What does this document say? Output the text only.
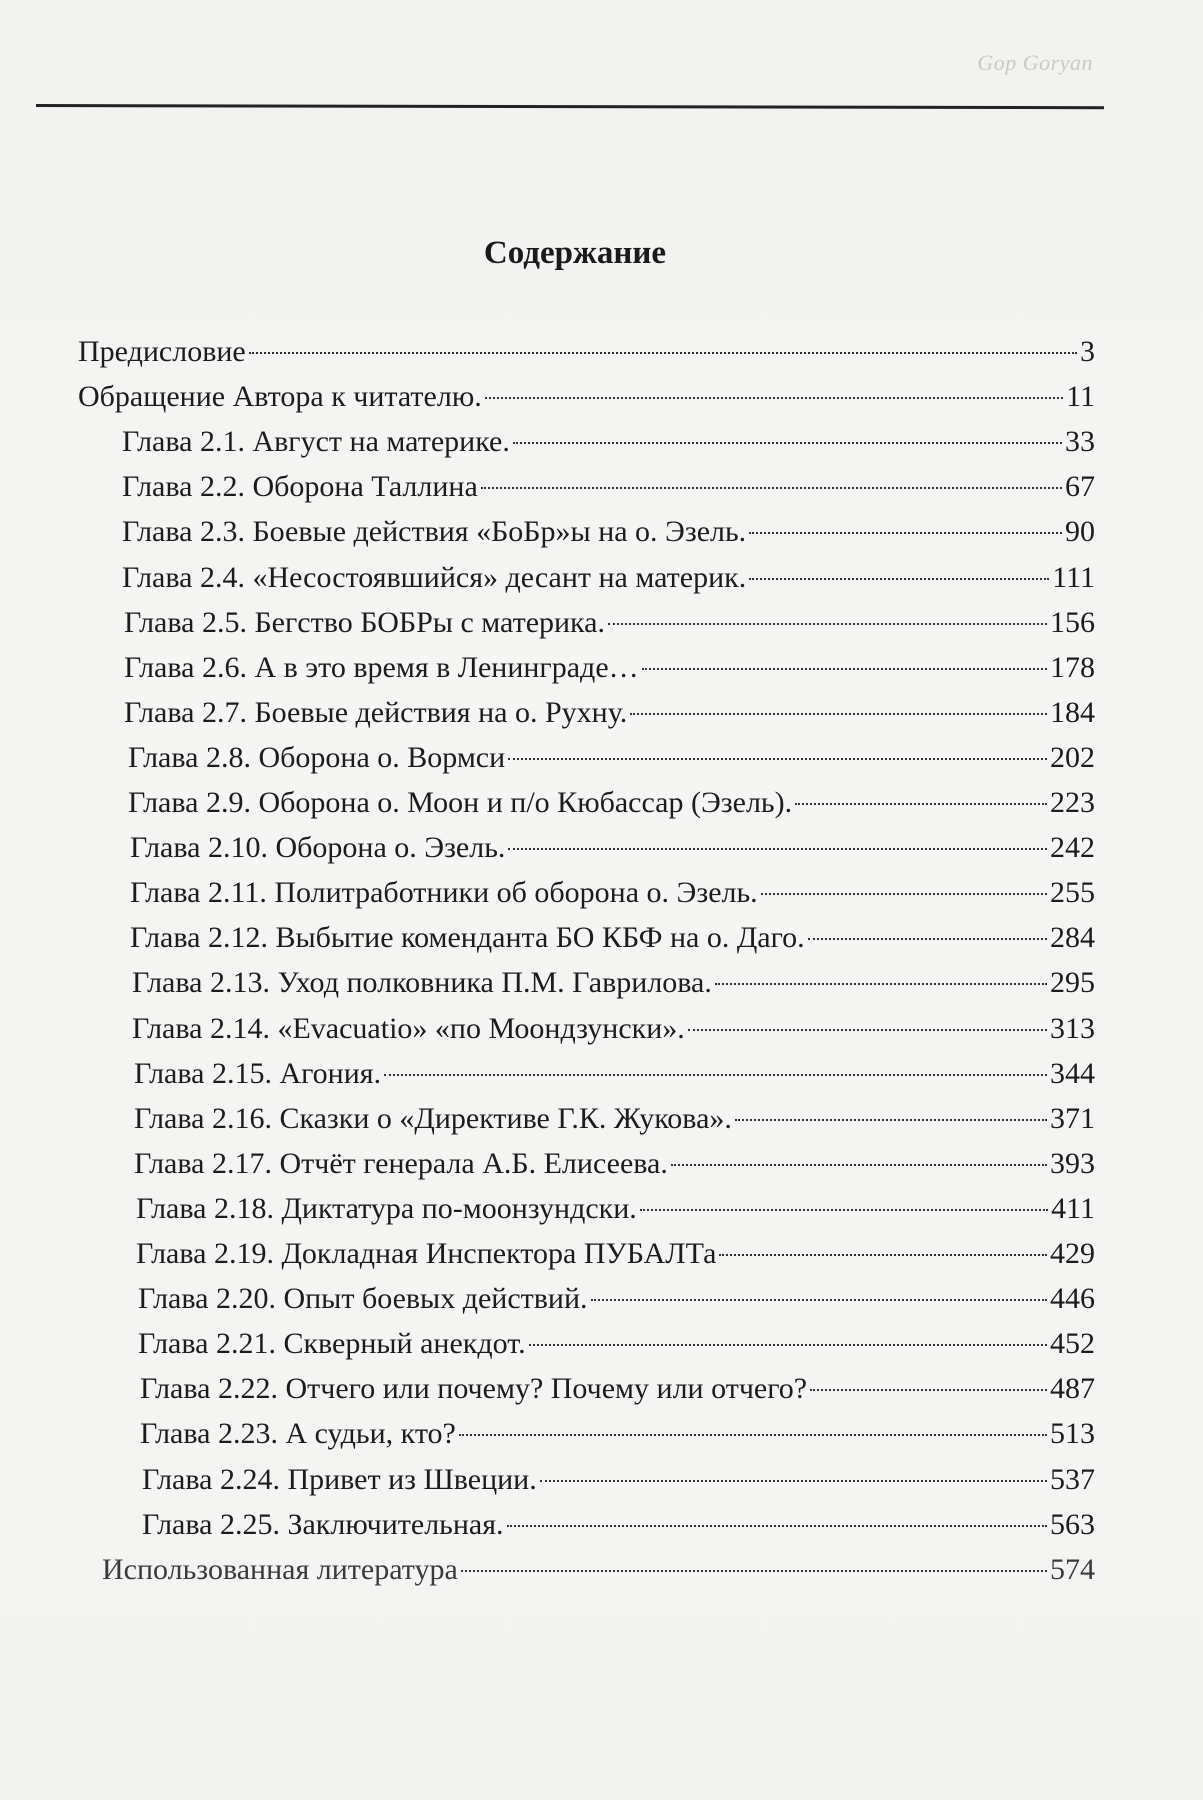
Gop Goryan
Содержание
Предисловие	3
Обращение Автора к читателю.	11
Глава 2.1. Август на материке.	33
Глава 2.2. Оборона Таллина	67
Глава 2.3. Боевые действия «БоБр»ы на о. Эзель.	90
Глава 2.4. «Несостоявшийся» десант на материк.	111
Глава 2.5. Бегство БОБРы с материка.	156
Глава 2.6. А в это время в Ленинграде…	178
Глава 2.7. Боевые действия на о. Рухну.	184
Глава 2.8. Оборона о. Вормси	202
Глава 2.9. Оборона о. Моон и п/о Кюбассар (Эзель).	223
Глава 2.10. Оборона о. Эзель.	242
Глава 2.11. Политработники об оборона о. Эзель.	255
Глава 2.12. Выбытие коменданта БО КБФ на о. Даго.	284
Глава 2.13. Уход полковника П.М. Гаврилова.	295
Глава 2.14. «Evacuatio» «по Моондзунски».	313
Глава 2.15. Агония.	344
Глава 2.16. Сказки о «Директиве Г.К. Жукова».	371
Глава 2.17. Отчёт генерала А.Б. Елисеева.	393
Глава 2.18. Диктатура по-моонзундски.	411
Глава 2.19. Докладная Инспектора ПУБАЛТа	429
Глава 2.20. Опыт боевых действий.	446
Глава 2.21. Скверный анекдот.	452
Глава 2.22. Отчего или почему? Почему или отчего?	487
Глава 2.23. А судьи, кто?	513
Глава 2.24. Привет из Швеции.	537
Глава 2.25. Заключительная.	563
Использованная литература	574
